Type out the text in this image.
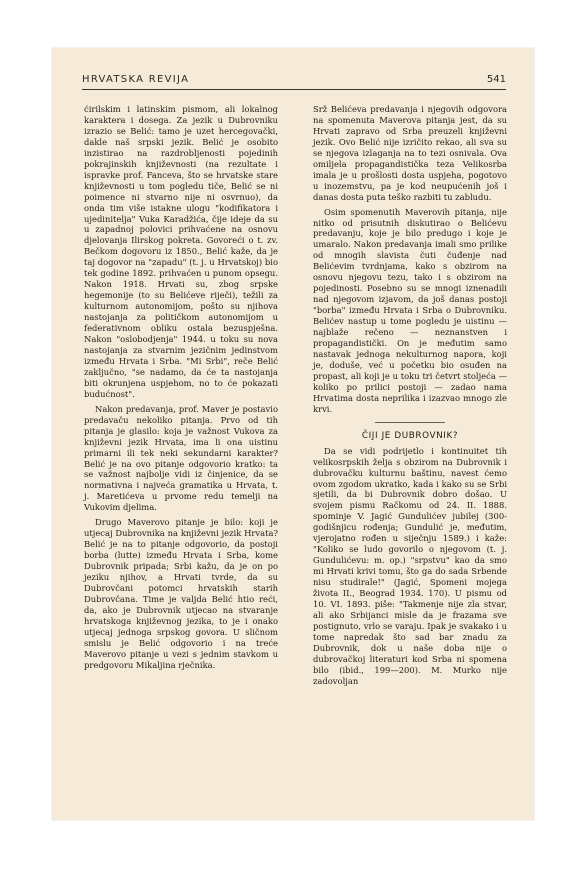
HRVATSKA REVIJA	541

ćirilskim i latinskim pismom, ali lokalnog karaktera i dosega. Za jezik u Dubrovniku izrazio se Belić: tamo je uzet hercegovački, dakle naš srpski jezik. Belić je osobito inzistirao na razdrobljenosti pojedinih pokrajinskih književnosti (na rezultate i ispravke prof. Fanceva, što se hrvatske stare književnosti u tom pogledu tiče, Belić se ni poimence ni stvarno nije ni osvrnuo), da onda tim više istakne ulogu "kodifikatora i ujedinitelja" Vuka Karadžića, čije ideje da su u zapadnoj polovici prihvaćene na osnovu djelovanja Ilirskog pokreta. Govoreći o t. zv. Bečkom dogovoru iz 1850., Belić kaže, da je taj dogovor na "zapadu" (t. j. u Hrvatskoj) bio tek godine 1892. prihvaćen u punom opsegu. Nakon 1918. Hrvati su, zbog srpske hegemonije (to su Belićeve riječi), težili za kulturnom autonomijom, pošto su njihova nastojanja za političkom autonomijom u federativnom obliku ostala bezuspješna. Nakon "oslobodjenja" 1944. u toku su nova nastojanja za stvarnim jezičnim jedinstvom između Hrvata i Srba. "Mi Srbi", reče Belić zaključno, "se nadamo, da će ta nastojanja biti okrunjena uspjehom, no to će pokazati budućnost".

Nakon predavanja, prof. Maver je postavio predavaču nekoliko pitanja. Prvo od tih pitanja je glasilo: koja je važnost Vukova za književni jezik Hrvata, ima li ona uistinu primarni ili tek neki sekundarni karakter? Belić je na ovo pitanje odgovorio kratko: ta se važnost najbolje vidi iz činjenice, da se normativna i najveća gramatika u Hrvata, t. j. Maretićeva u prvome redu temelji na Vukovim djelima.

Drugo Maverovo pitanje je bilo: koji je utjecaj Dubrovnika na književni jezik Hrvata? Belić je na to pitanje odgovorio, da postoji borba (lutte) između Hrvata i Srba, kome Dubrovnik pripada; Srbi kažu, da je on po jeziku njihov, a Hrvati tvrde, da su Dubrovčani potomci hrvatskih starih Dubrovčana. Time je valjda Belić htio reći, da, ako je Dubrovnik utjecao na stvaranje hrvatskoga književnog jezika, to je i onako utjecaj jednoga srpskog govora. U sličnom smislu je Belić odgovorio i na treće Maverovo pitanje u vezi s jednim stavkom u predgovoru Mikaljina rječnika.

Srž Belićeva predavanja i njegovih odgovora na spomenuta Maverova pitanja jest, da su Hrvati zapravo od Srba preuzeli književni jezik. Ovo Belić nije izričito rekao, ali sva su se njegova izlaganja na to tezi osnivala. Ova omiljela propagandistička teza Velikosrba imala je u prošlosti dosta uspjeha, pogotovo u inozemstvu, pa je kod neupućenih još i danas dosta puta teško razbiti tu zabludu.

Osim spomenutih Maverovih pitanja, nije nitko od prisutnih diskutirao o Belićevu predavanju, koje je bilo predugo i koje je umaralo. Nakon predavanja imali smo prilike od mnogih slavista čuti čuđenje nad Belićevim tvrdnjama, kako s obzirom na osnovu njegovu tezu, tako i s obzirom na pojedinosti. Posebno su se mnogi iznenadili nad njegovom izjavom, da još danas postoji "borba" između Hrvata i Srba o Dubrovniku. Belićev nastup u tome pogledu je uistinu — najblaže rečeno — neznanstven i propagandistički. On je međutim samo nastavak jednoga nekulturnog napora, koji je, doduše, već u početku bio osuđen na propast, ali koji je u toku tri četvrt stoljeća — koliko po prilici postoji — zadao nama Hrvatima dosta neprilika i izazvao mnogo zle krvi.

ČIJI JE DUBROVNIK?

Da se vidi podrijetlo i kontinuitet tih velikosrpskih želja s obzirom na Dubrovnik i dubrovačku kulturnu baštinu, navest ćemo ovom zgodom ukratko, kada i kako su se Srbi sjetili, da bi Dubrovnik dobro došao. U svojem pismu Račkomu od 24. II. 1888. spominje V. Jagić Gundulićev jubilej (300-godišnjicu rođenja; Gundulić je, međutim, vjerojatno rođen u siječnju 1589.) i kaže: "Koliko se ludo govorilo o njegovom (t. j. Gundulićevu: m. op.) "srpstvu" kao da smo mi Hrvati krivi tomu, što ga do sada Srbende nisu studirale!" (Jagić, Spomeni mojega života II., Beograd 1934. 170). U pismu od 10. VI. 1893. piše: "Takmenje nije zla stvar, ali ako Srbijanci misle da je frazama sve postignuto, vrlo se varaju. Ipak je svakako i u tome napredak što sad bar znadu za Dubrovnik, dok u naše doba nije o dubrovačkoj literaturi kod Srba ni spomena bilo (ibid., 199—200). M. Murko nije zadovoljan
